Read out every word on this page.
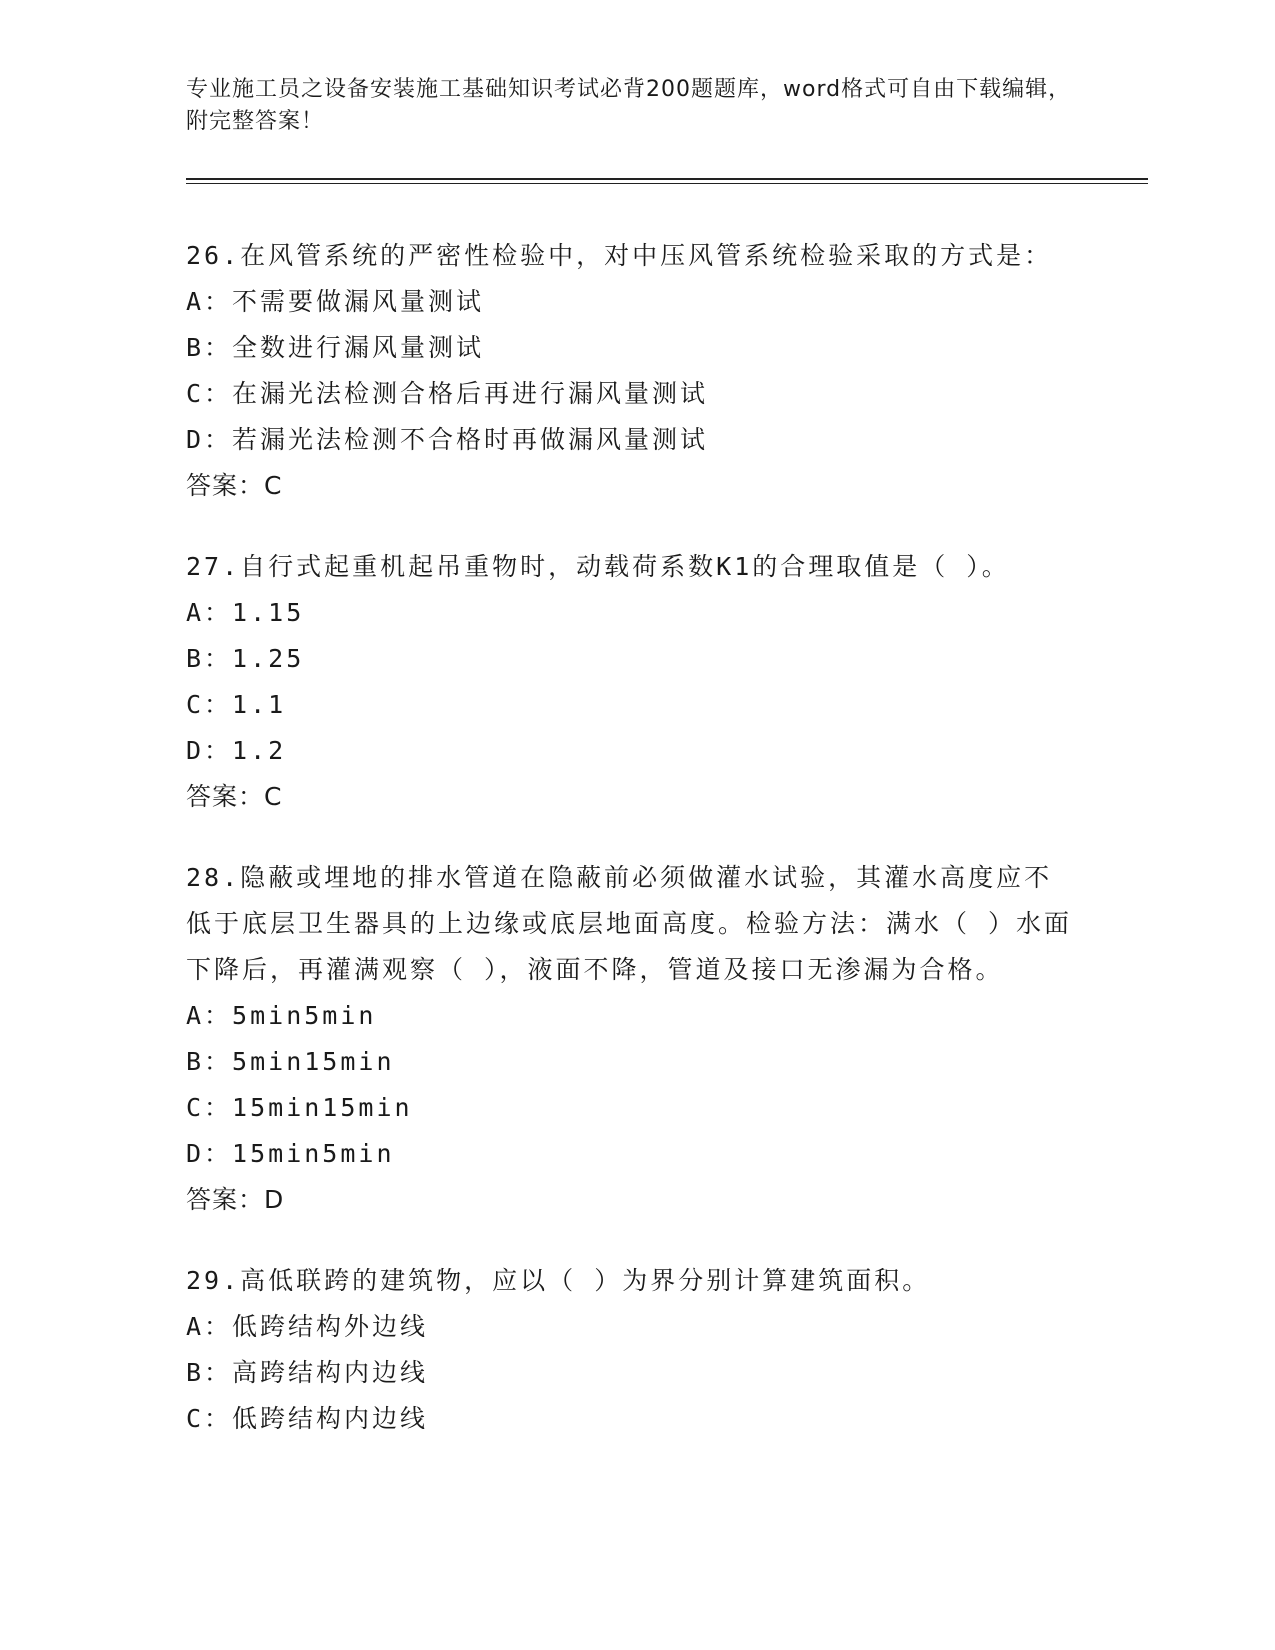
专业施工员之设备安装施工基础知识考试必背200题题库，word格式可自由下载编辑，附完整答案！
26.在风管系统的严密性检验中，对中压风管系统检验采取的方式是：
A：不需要做漏风量测试
B：全数进行漏风量测试
C：在漏光法检测合格后再进行漏风量测试
D：若漏光法检测不合格时再做漏风量测试
答案：C
27.自行式起重机起吊重物时，动载荷系数K1的合理取值是（ ）。
A：1.15
B：1.25
C：1.1
D：1.2
答案：C
28.隐蔽或埋地的排水管道在隐蔽前必须做灌水试验，其灌水高度应不低于底层卫生器具的上边缘或底层地面高度。检验方法：满水（ ）水面下降后，再灌满观察（ ），液面不降，管道及接口无渗漏为合格。
A：5min5min
B：5min15min
C：15min15min
D：15min5min
答案：D
29.高低联跨的建筑物，应以（ ）为界分别计算建筑面积。
A：低跨结构外边线
B：高跨结构内边线
C：低跨结构内边线
